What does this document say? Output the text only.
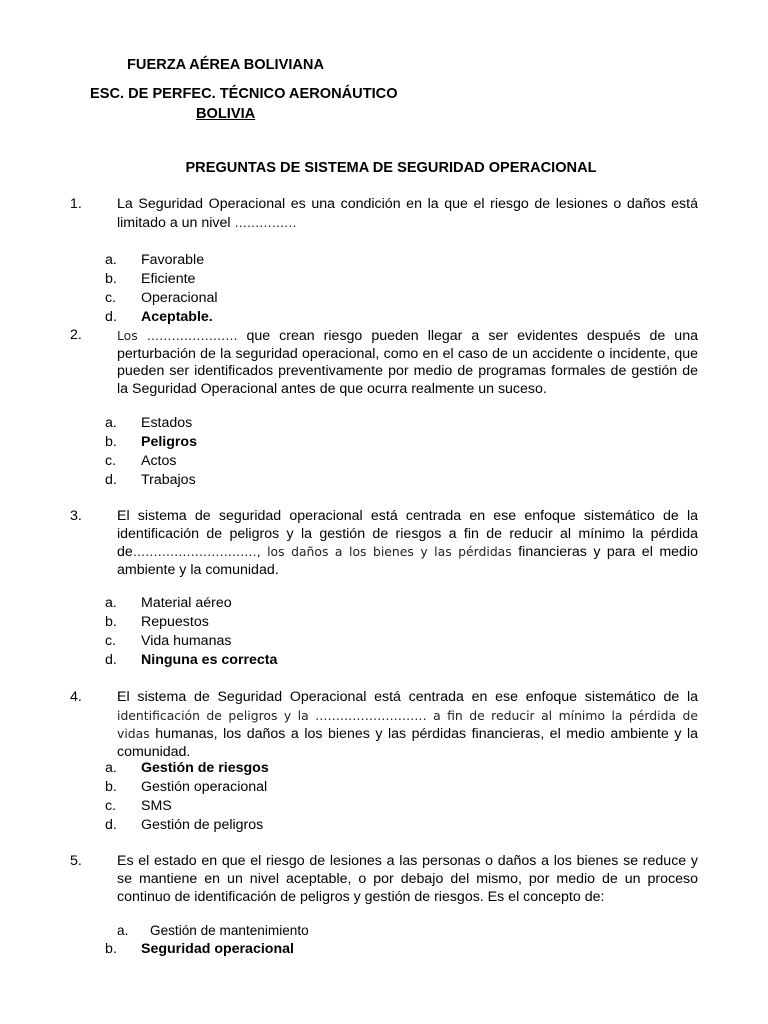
FUERZA AÉREA BOLIVIANA
ESC. DE PERFEC. TÉCNICO AERONÁUTICO
BOLIVIA
PREGUNTAS DE SISTEMA DE SEGURIDAD OPERACIONAL
1. La Seguridad Operacional es una condición en la que el riesgo de lesiones o daños está limitado a un nivel ……………
a. Favorable
b. Eficiente
c. Operacional
d. Aceptable.
2.	Los …………………. que crean riesgo pueden llegar a ser evidentes después de una perturbación de la seguridad operacional, como en el caso de un accidente o incidente, que pueden ser identificados preventivamente por medio de programas formales de gestión de la Seguridad Operacional antes de que ocurra realmente un suceso.
a. Estados
b. Peligros
c. Actos
d. Trabajos
3. El sistema de seguridad operacional está centrada en ese enfoque sistemático de la identificación de peligros y la gestión de riesgos a fin de reducir al mínimo la pérdida de…………………………, los daños a los bienes y las pérdidas financieras y para el medio ambiente y la comunidad.
a. Material aéreo
b. Repuestos
c. Vida humanas
d. Ninguna es correcta
4. El sistema de Seguridad Operacional está centrada en ese enfoque sistemático de la identificación de peligros y la ……………………… a fin de reducir al mínimo la pérdida de vidas humanas, los daños a los bienes y las pérdidas financieras, el medio ambiente y la comunidad.
a. Gestión de riesgos
b. Gestión operacional
c. SMS
d. Gestión de peligros
5. Es el estado en que el riesgo de lesiones a las personas o daños a los bienes se reduce y se mantiene en un nivel aceptable, o por debajo del mismo, por medio de un proceso continuo de identificación de peligros y gestión de riesgos. Es el concepto de:
a. Gestión de mantenimiento
b. Seguridad operacional
